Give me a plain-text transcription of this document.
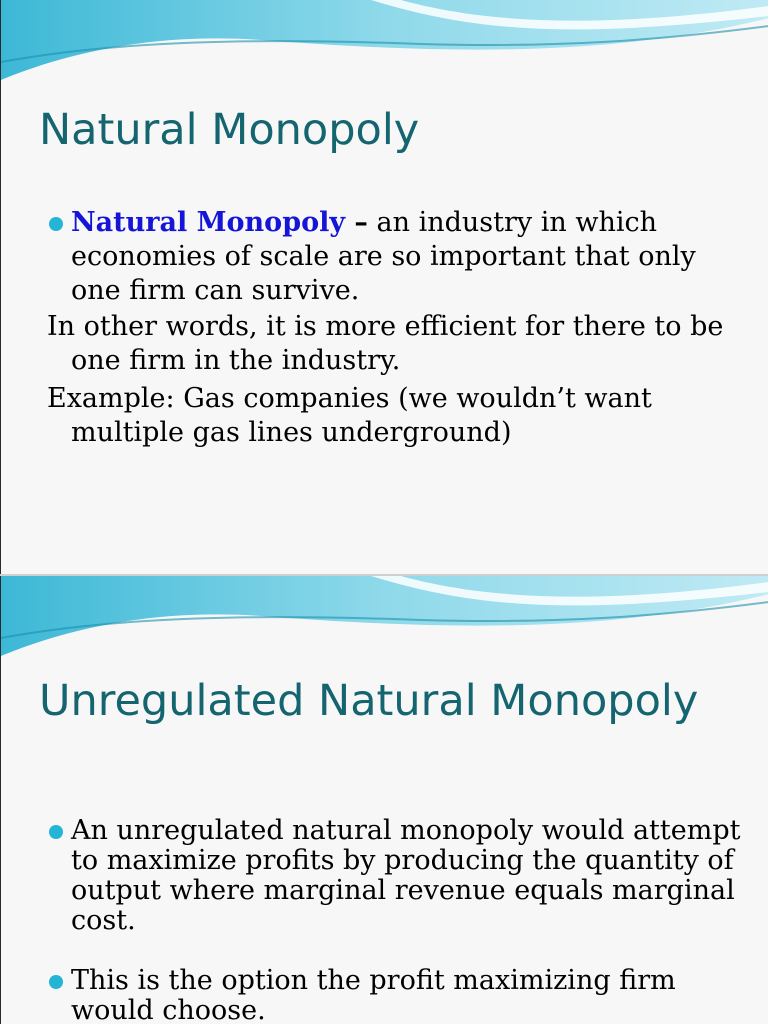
Natural Monopoly

Natural Monopoly – an industry in which economies of scale are so important that only one firm can survive.

In other words, it is more efficient for there to be one firm in the industry.

Example: Gas companies (we wouldn’t want multiple gas lines underground)

Unregulated Natural Monopoly

An unregulated natural monopoly would attempt to maximize profits by producing the quantity of output where marginal revenue equals marginal cost.

This is the option the profit maximizing firm would choose.
